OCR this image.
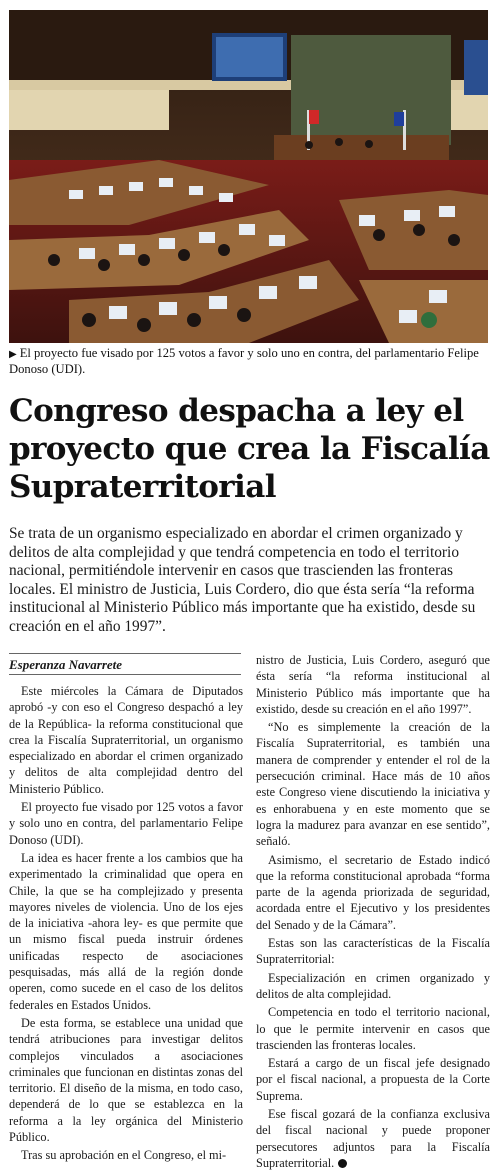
▶ El proyecto fue visado por 125 votos a favor y solo uno en contra, del parlamentario Felipe Donoso (UDI).
Congreso despacha a ley el proyecto que crea la Fiscalía Supraterritorial

Se trata de un organismo especializado en abordar el crimen organizado y delitos de alta complejidad y que tendrá competencia en todo el territorio nacional, permitiéndole intervenir en casos que trascienden las fronteras locales. El ministro de Justicia, Luis Cordero, dio que ésta sería “la reforma institucional al Ministerio Público más importante que ha existido, desde su creación en el año 1997”.

Esperanza Navarrete

Este miércoles la Cámara de Diputados aprobó -y con eso el Congreso despachó a ley de la República- la reforma constitucional que crea la Fiscalía Supraterritorial, un organismo especializado en abordar el crimen organizado y delitos de alta complejidad dentro del Ministerio Público.

El proyecto fue visado por 125 votos a favor y solo uno en contra, del parlamentario Felipe Donoso (UDI).

La idea es hacer frente a los cambios que ha experimentado la criminalidad que opera en Chile, la que se ha complejizado y presenta mayores niveles de violencia. Uno de los ejes de la iniciativa -ahora ley- es que permite que un mismo fiscal pueda instruir órdenes unificadas respecto de asociaciones pesquisadas, más allá de la región donde operen, como sucede en el caso de los delitos federales en Estados Unidos.

De esta forma, se establece una unidad que tendrá atribuciones para investigar delitos complejos vinculados a asociaciones criminales que funcionan en distintas zonas del territorio. El diseño de la misma, en todo caso, dependerá de lo que se establezca en la reforma a la ley orgánica del Ministerio Público.

Tras su aprobación en el Congreso, el mi-

nistro de Justicia, Luis Cordero, aseguró que ésta sería “la reforma institucional al Ministerio Público más importante que ha existido, desde su creación en el año 1997”.

“No es simplemente la creación de la Fiscalía Supraterritorial, es también una manera de comprender y entender el rol de la persecución criminal. Hace más de 10 años este Congreso viene discutiendo la iniciativa y es enhorabuena y en este momento que se logra la madurez para avanzar en ese sentido”, señaló.

Asimismo, el secretario de Estado indicó que la reforma constitucional aprobada “forma parte de la agenda priorizada de seguridad, acordada entre el Ejecutivo y los presidentes del Senado y de la Cámara”.

Estas son las características de la Fiscalía Supraterritorial:

Especialización en crimen organizado y delitos de alta complejidad.

Competencia en todo el territorio nacional, lo que le permite intervenir en casos que trascienden las fronteras locales.

Estará a cargo de un fiscal jefe designado por el fiscal nacional, a propuesta de la Corte Suprema.

Ese fiscal gozará de la confianza exclusiva del fiscal nacional y puede proponer persecutores adjuntos para la Fiscalía Supraterritorial.
